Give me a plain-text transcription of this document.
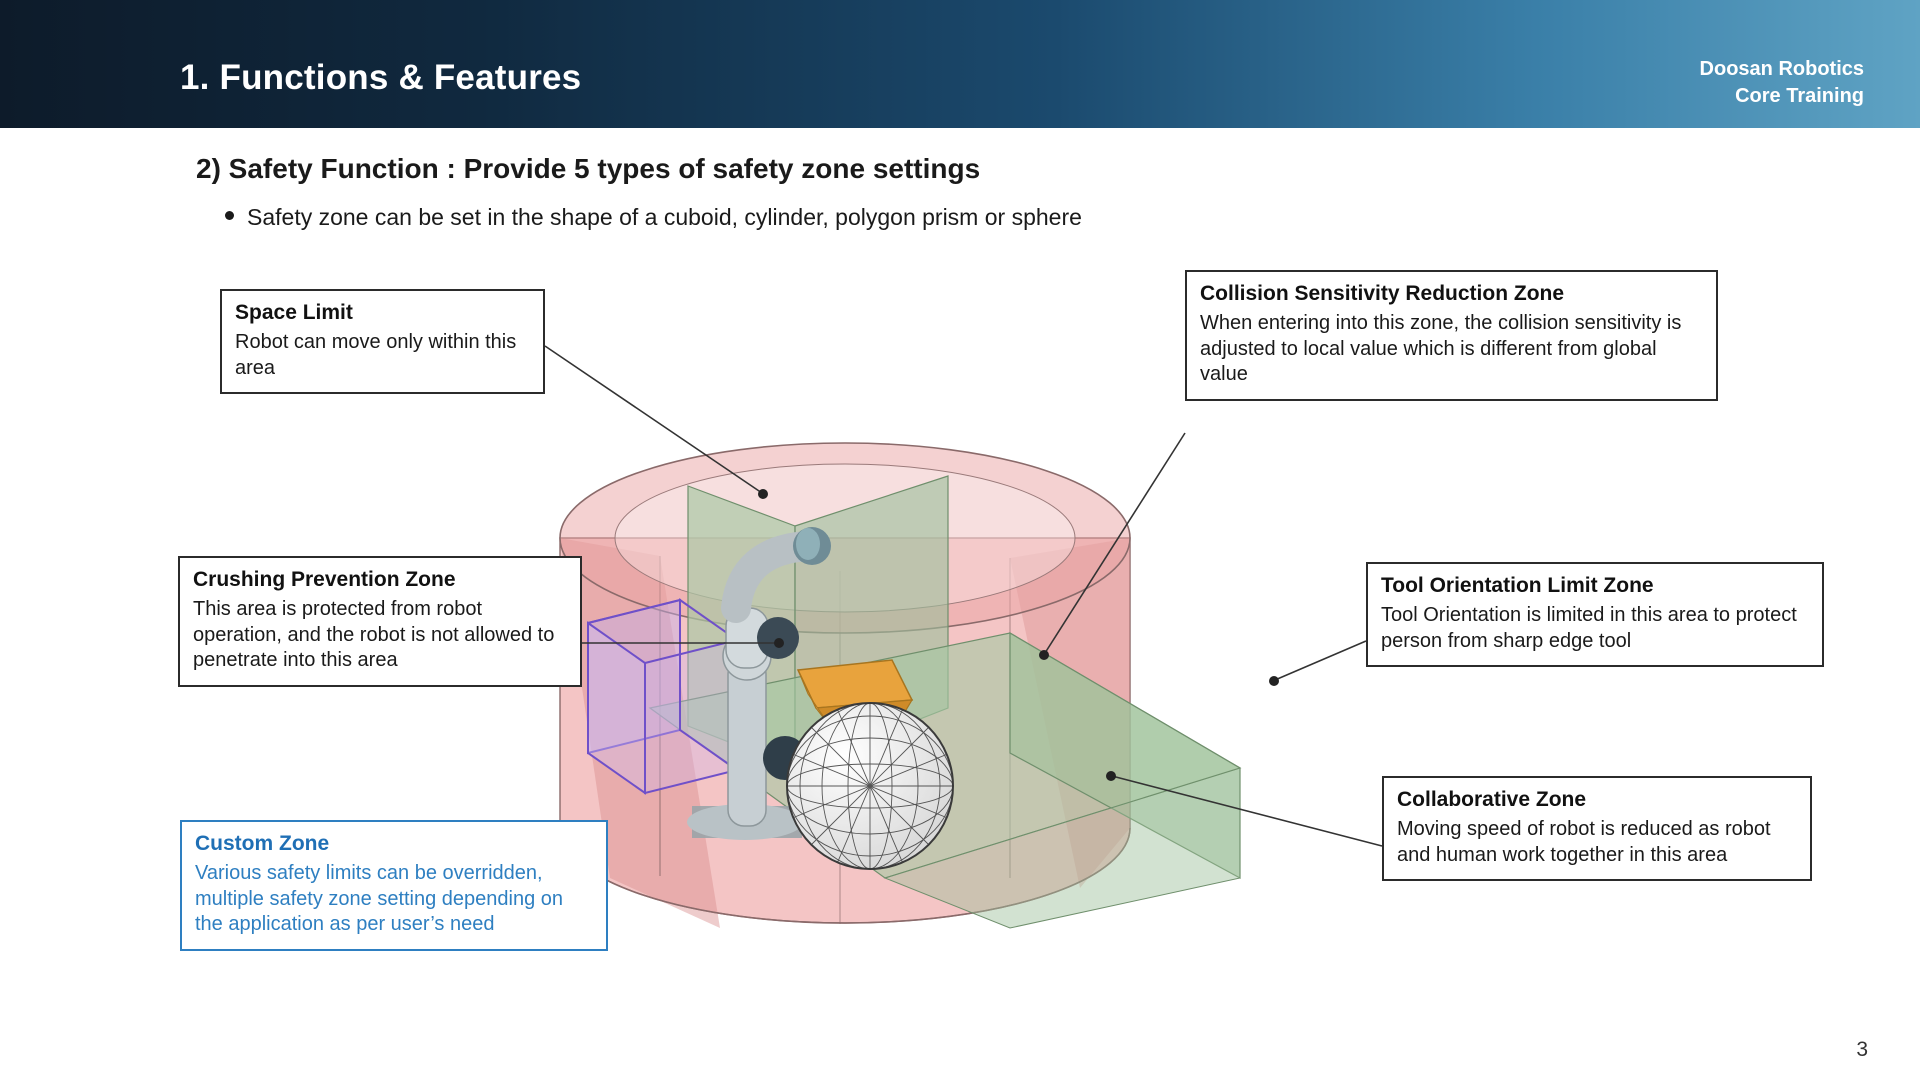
1. Functions & Features	Doosan Robotics
Core Training
2) Safety Function : Provide 5 types of safety zone settings
Safety zone can be set in the shape of a cuboid, cylinder, polygon prism or sphere
Space Limit
Robot can move only within this area
Crushing Prevention Zone
This area is protected from robot operation, and the robot is not allowed to penetrate into this area
Custom Zone
Various safety limits can be overridden, multiple safety zone setting depending on the application as per user’s need
Collision Sensitivity Reduction Zone
When entering into this zone, the collision sensitivity is adjusted to local value which is different from global value
Tool Orientation Limit Zone
Tool Orientation is limited in this area to protect person from sharp edge tool
Collaborative Zone
Moving speed of robot is reduced as robot and human work together in this area
3
